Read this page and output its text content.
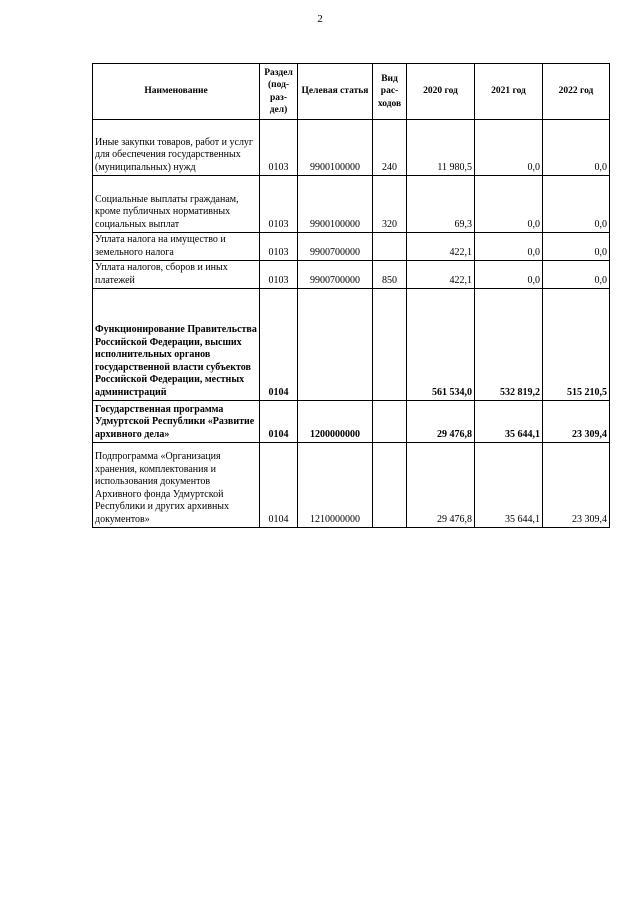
2
Наименование	Раздел (под-раз-дел)	Целевая статья	Вид рас-ходов	2020 год	2021 год	2022 год
Иные закупки товаров, работ и услуг для обеспечения государственных (муниципальных) нужд	0103	9900100000	240	11 980,5	0,0	0,0
Социальные выплаты гражданам, кроме публичных нормативных социальных выплат	0103	9900100000	320	69,3	0,0	0,0
Уплата налога на имущество и земельного налога	0103	9900700000		422,1	0,0	0,0
Уплата налогов, сборов и иных платежей	0103	9900700000	850	422,1	0,0	0,0
Функционирование Правительства Российской Федерации, высших исполнительных органов государственной власти субъектов Российской Федерации, местных администраций	0104			561 534,0	532 819,2	515 210,5
Государственная программа Удмуртской Республики «Развитие архивного дела»	0104	1200000000		29 476,8	35 644,1	23 309,4
Подпрограмма «Организация хранения, комплектования и использования документов Архивного фонда Удмуртской Республики и других архивных документов»	0104	1210000000		29 476,8	35 644,1	23 309,4
